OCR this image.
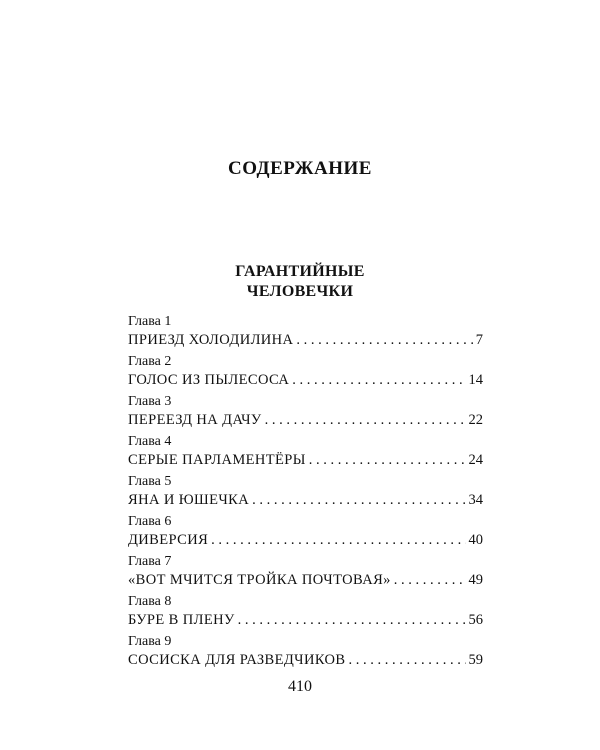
СОДЕРЖАНИЕ
ГАРАНТИЙНЫЕ
ЧЕЛОВЕЧКИ
Глава 1
ПРИЕЗД ХОЛОДИЛИНА . . .	7
Глава 2
ГОЛОС ИЗ ПЫЛЕСОСА . . .	14
Глава 3
ПЕРЕЕЗД НА ДАЧУ . . .	22
Глава 4
СЕРЫЕ ПАРЛАМЕНТЁРЫ . . .	24
Глава 5
ЯНА И ЮШЕЧКА . . .	34
Глава 6
ДИВЕРСИЯ . . .	40
Глава 7
«ВОТ МЧИТСЯ ТРОЙКА ПОЧТОВАЯ» . . .	49
Глава 8
БУРЕ В ПЛЕНУ . . .	56
Глава 9
СОСИСКА ДЛЯ РАЗВЕДЧИКОВ . . .	59
410
